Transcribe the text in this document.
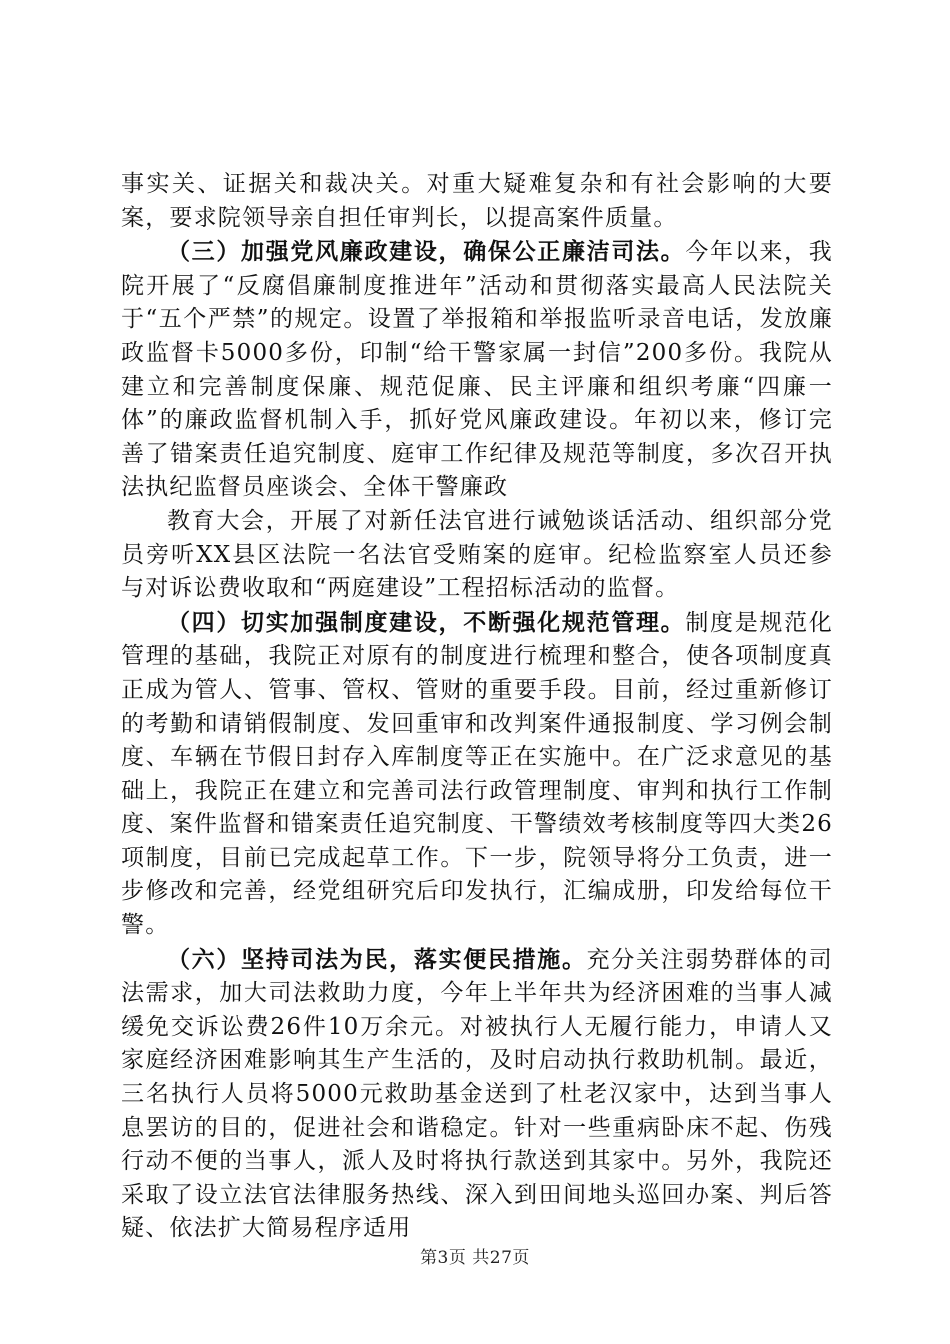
事实关、证据关和裁决关。对重大疑难复杂和有社会影响的大要案，要求院领导亲自担任审判长，以提高案件质量。

（三）加强党风廉政建设，确保公正廉洁司法。今年以来，我院开展了“反腐倡廉制度推进年”活动和贯彻落实最高人民法院关于“五个严禁”的规定。设置了举报箱和举报监听录音电话，发放廉政监督卡5000多份，印制“给干警家属一封信”200多份。我院从建立和完善制度保廉、规范促廉、民主评廉和组织考廉“四廉一体”的廉政监督机制入手，抓好党风廉政建设。年初以来，修订完善了错案责任追究制度、庭审工作纪律及规范等制度，多次召开执法执纪监督员座谈会、全体干警廉政

教育大会，开展了对新任法官进行诫勉谈话活动、组织部分党员旁听XX县区法院一名法官受贿案的庭审。纪检监察室人员还参与对诉讼费收取和“两庭建设”工程招标活动的监督。

（四）切实加强制度建设，不断强化规范管理。制度是规范化管理的基础，我院正对原有的制度进行梳理和整合，使各项制度真正成为管人、管事、管权、管财的重要手段。目前，经过重新修订的考勤和请销假制度、发回重审和改判案件通报制度、学习例会制度、车辆在节假日封存入库制度等正在实施中。在广泛求意见的基础上，我院正在建立和完善司法行政管理制度、审判和执行工作制度、案件监督和错案责任追究制度、干警绩效考核制度等四大类26项制度，目前已完成起草工作。下一步，院领导将分工负责，进一步修改和完善，经党组研究后印发执行，汇编成册，印发给每位干警。

（六）坚持司法为民，落实便民措施。充分关注弱势群体的司法需求，加大司法救助力度，今年上半年共为经济困难的当事人减缓免交诉讼费26件10万余元。对被执行人无履行能力，申请人又家庭经济困难影响其生产生活的，及时启动执行救助机制。最近，三名执行人员将5000元救助基金送到了杜老汉家中，达到当事人息罢访的目的，促进社会和谐稳定。针对一些重病卧床不起、伤残行动不便的当事人，派人及时将执行款送到其家中。另外，我院还采取了设立法官法律服务热线、深入到田间地头巡回办案、判后答疑、依法扩大简易程序适用

第3页 共27页
